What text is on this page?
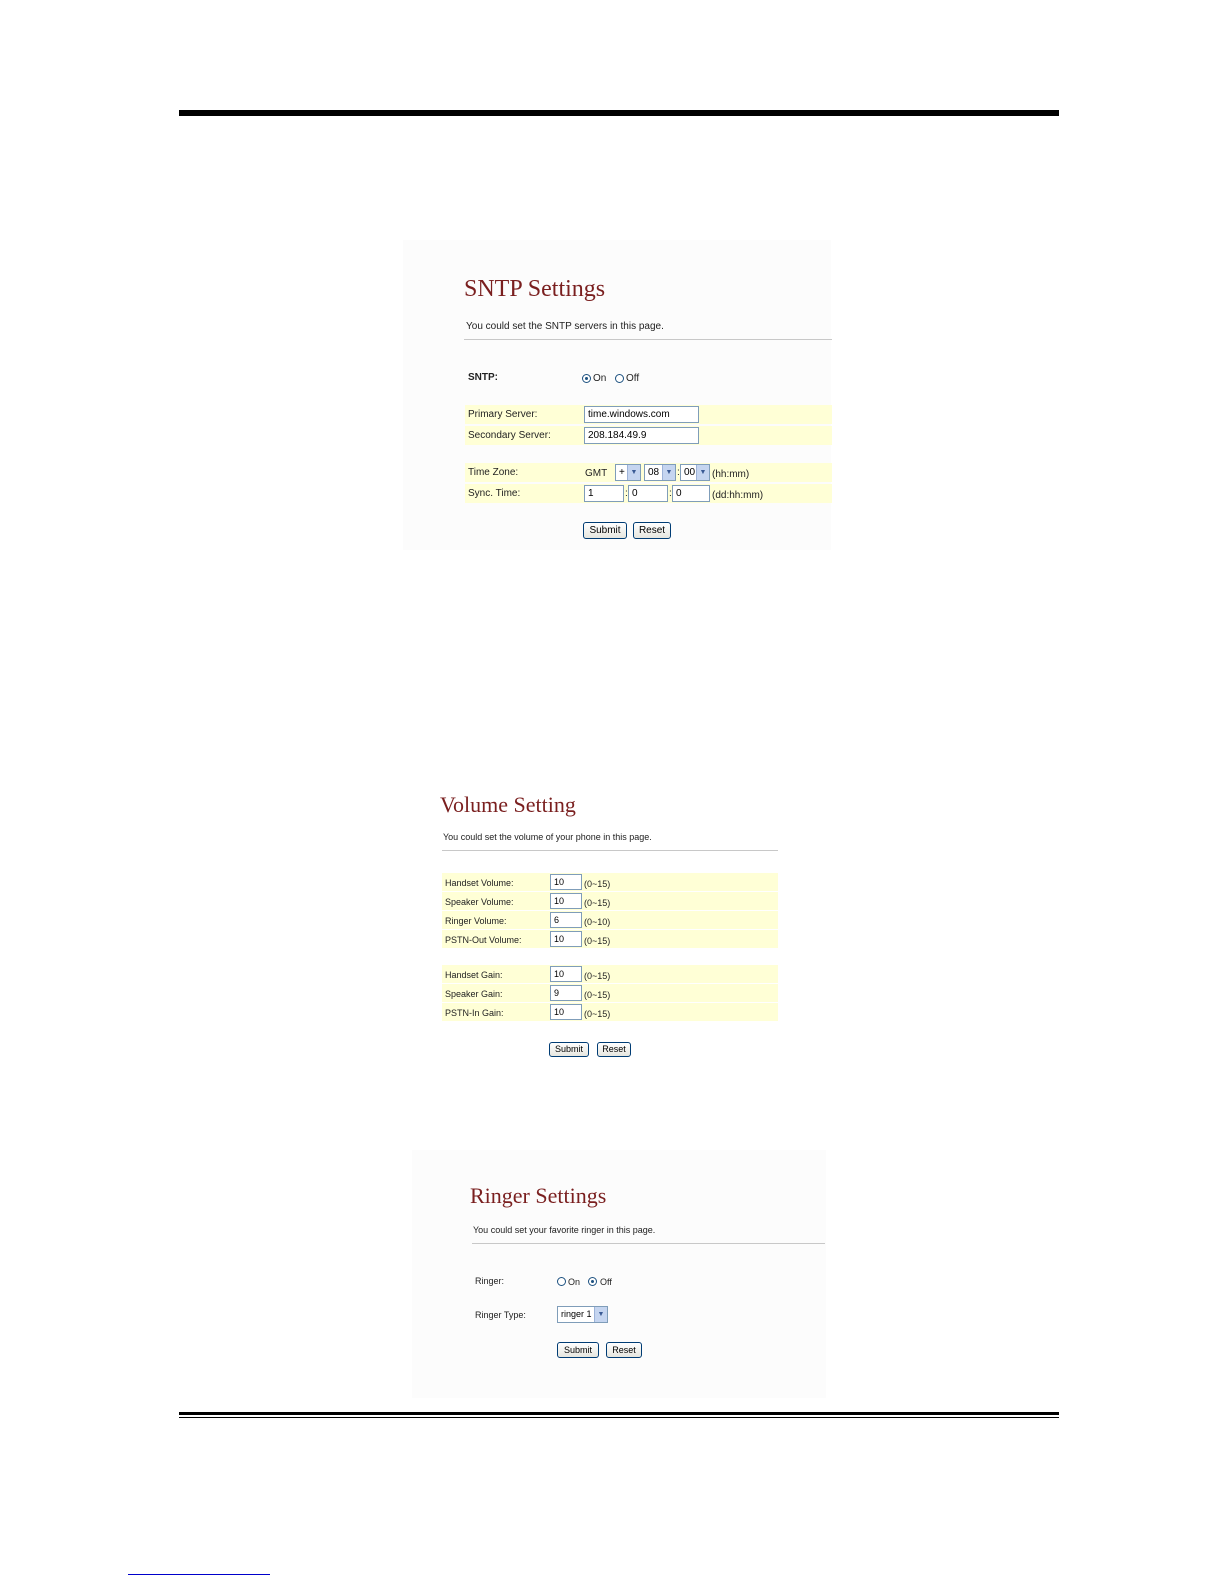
SNTP Settings
You could set the SNTP servers in this page.
SNTP:	On Off
Primary Server:	time.windows.com
Secondary Server:	208.184.49.9
Time Zone:	GMT	+ ▼	08 ▼ : 00 ▼ (hh:mm)
Sync. Time:	1	: 0	: 0	(dd:hh:mm)
Submit	Reset
Volume Setting
You could set the volume of your phone in this page.
Handset Volume:	10	(0~15)
Speaker Volume:	10	(0~15)
Ringer Volume:	6	(0~10)
PSTN-Out Volume:	10	(0~15)
Handset Gain:	10	(0~15)
Speaker Gain:	9	(0~15)
PSTN-In Gain:	10	(0~15)
Submit	Reset
Ringer Settings
You could set your favorite ringer in this page.
Ringer:	On Off
Ringer Type:	ringer 1 ▼
Submit	Reset
